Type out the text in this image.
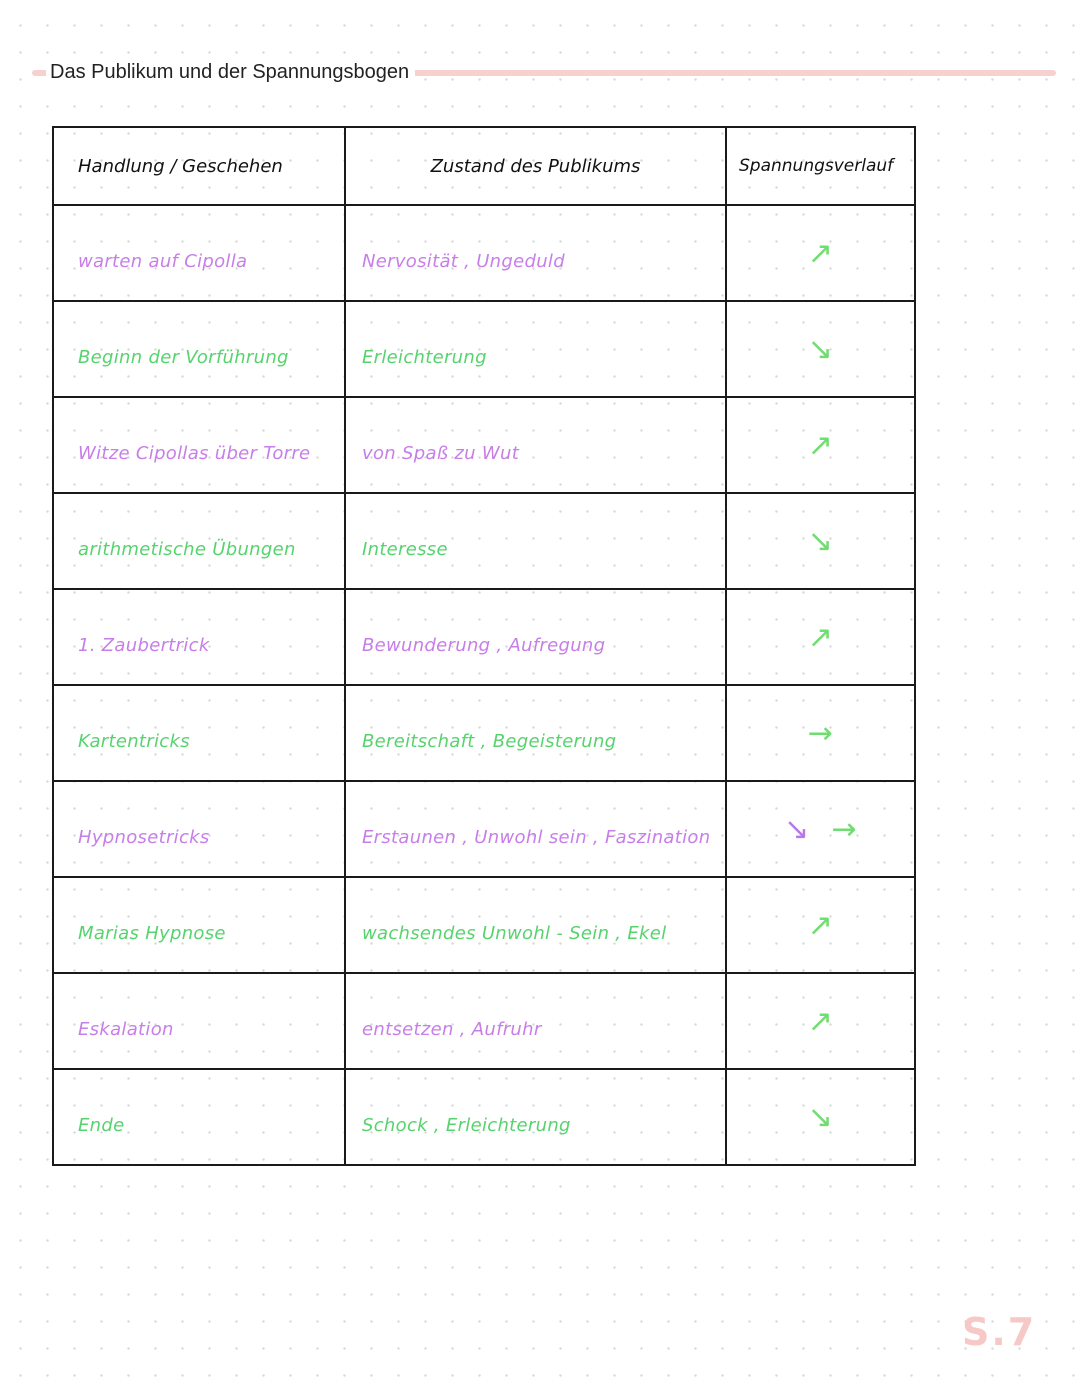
Das Publikum und der Spannungsbogen
Handlung / Geschehen	Zustand des Publikums	Spannungsverlauf
warten auf Cipolla	Nervosität , Ungeduld	↗
Beginn der Vorführung	Erleichterung	↘
Witze Cipollas über Torre	von Spaß zu Wut	↗
arithmetische Übungen	Interesse	↘
1. Zaubertrick	Bewunderung , Aufregung	↗
Kartentricks	Bereitschaft , Begeisterung	→
Hypnosetricks	Erstaunen , Unwohl sein , Faszination	↘ →
Marias Hypnose	wachsendes Unwohl - Sein , Ekel	↗
Eskalation	entsetzen , Aufruhr	↗
Ende	Schock , Erleichterung	↘
S.7
